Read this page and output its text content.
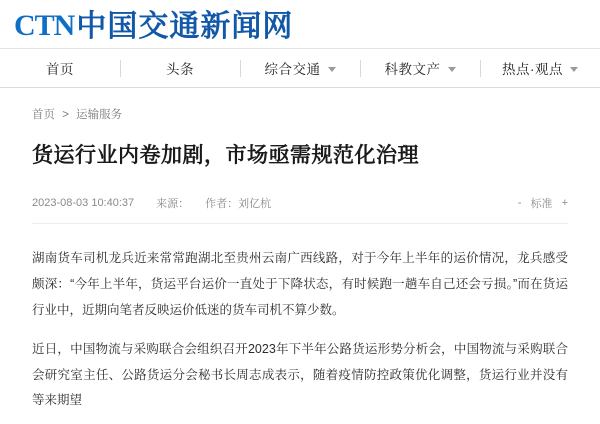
CTN 中国交通新闻网
首页	头条	综合交通	科教文产	热点·观点
首页 > 运输服务
货运行业内卷加剧，市场亟需规范化治理
2023-08-03 10:40:37 来源： 作者：刘亿杭	- 标准 +

湖南货车司机龙兵近来常常跑湖北至贵州云南广西线路，对于今年上半年的运价情况，龙兵感受颇深：“今年上半年，货运平台运价一直处于下降状态，有时候跑一趟车自己还会亏损。”而在货运行业中，近期向笔者反映运价低迷的货车司机不算少数。

近日，中国物流与采购联合会组织召开2023年下半年公路货运形势分析会，中国物流与采购联合会研究室主任、公路货运分会秘书长周志成表示，随着疫情防控政策优化调整，货运行业并没有等来期望
